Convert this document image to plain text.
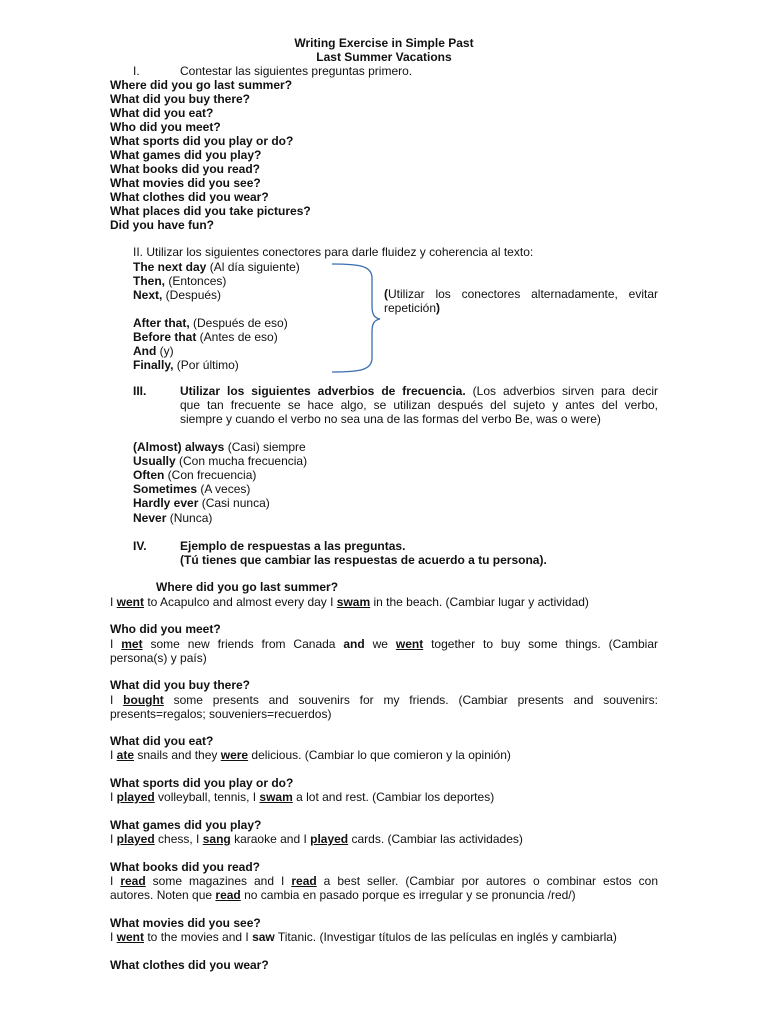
Writing Exercise in Simple Past
Last Summer Vacations
I.	Contestar las siguientes preguntas primero.
Where did you go last summer?
What did you buy there?
What did you eat?
Who did you meet?
What sports did you play or do?
What games did you play?
What books did you read?
What movies did you see?
What clothes did you wear?
What places did you take pictures?
Did you have fun?
II. Utilizar los siguientes conectores para darle fluidez y coherencia al texto:
The next day (Al día siguiente)
Then, (Entonces)
Next, (Después)
After that, (Después de eso)
Before that (Antes de eso)
And (y)
Finally, (Por último)
(Utilizar los conectores alternadamente, evitar
repetición)
III.	Utilizar los siguientes adverbios de frecuencia. (Los adverbios sirven para decir
que tan frecuente se hace algo, se utilizan después del sujeto y antes del verbo,
siempre y cuando el verbo no sea una de las formas del verbo Be, was o were)
(Almost) always (Casi) siempre
Usually (Con mucha frecuencia)
Often (Con frecuencia)
Sometimes (A veces)
Hardly ever (Casi nunca)
Never (Nunca)
IV.	Ejemplo de respuestas a las preguntas.
(Tú tienes que cambiar las respuestas de acuerdo a tu persona).
Where did you go last summer?
I went to Acapulco and almost every day I swam in the beach. (Cambiar lugar y actividad)
Who did you meet?
I met some new friends from Canada and we went together to buy some things. (Cambiar
persona(s) y país)
What did you buy there?
I bought some presents and souvenirs for my friends. (Cambiar presents and souvenirs:
presents=regalos; souveniers=recuerdos)
What did you eat?
I ate snails and they were delicious. (Cambiar lo que comieron y la opinión)
What sports did you play or do?
I played volleyball, tennis, I swam a lot and rest. (Cambiar los deportes)
What games did you play?
I played chess, I sang karaoke and I played cards. (Cambiar las actividades)
What books did you read?
I read some magazines and I read a best seller. (Cambiar por autores o combinar estos con
autores. Noten que read no cambia en pasado porque es irregular y se pronuncia /red/)
What movies did you see?
I went to the movies and I saw Titanic. (Investigar títulos de las películas en inglés y cambiarla)
What clothes did you wear?
